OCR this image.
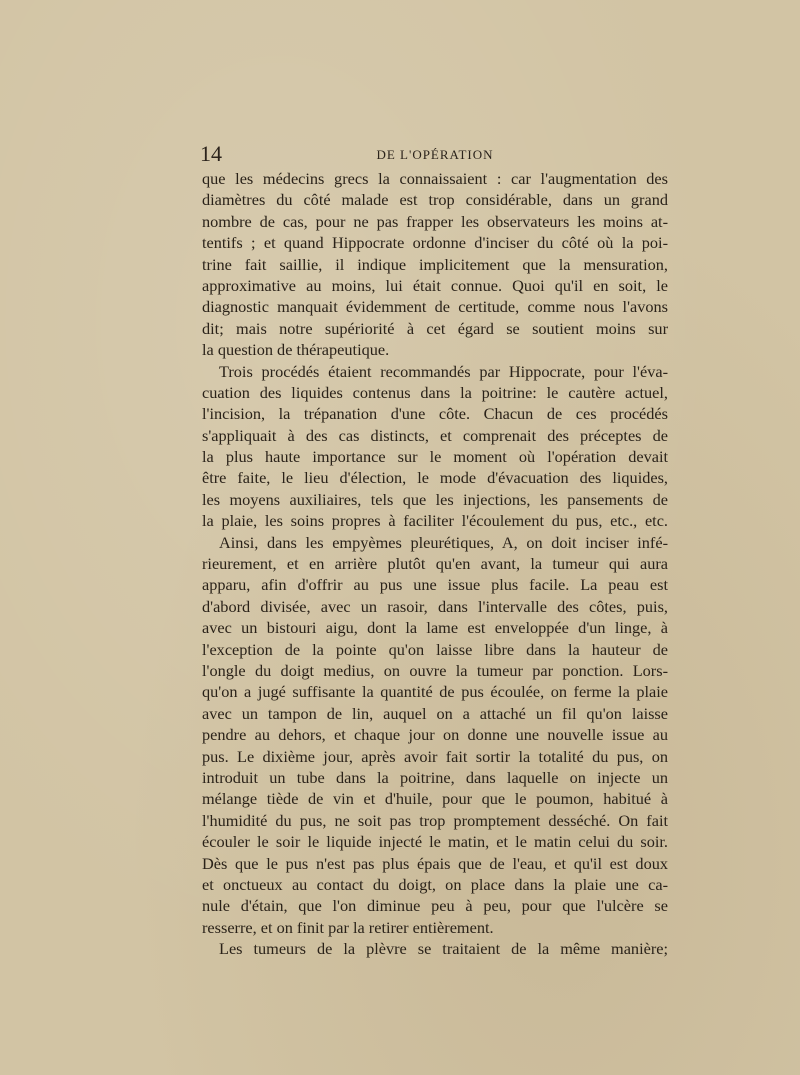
14	DE L'OPÉRATION
que les médecins grecs la connaissaient : car l'augmentation des
diamètres du côté malade est trop considérable, dans un grand
nombre de cas, pour ne pas frapper les observateurs les moins at-
tentifs ; et quand Hippocrate ordonne d'inciser du côté où la poi-
trine fait saillie, il indique implicitement que la mensuration,
approximative au moins, lui était connue. Quoi qu'il en soit, le
diagnostic manquait évidemment de certitude, comme nous l'avons
dit; mais notre supériorité à cet égard se soutient moins sur
la question de thérapeutique.
Trois procédés étaient recommandés par Hippocrate, pour l'éva-
cuation des liquides contenus dans la poitrine: le cautère actuel,
l'incision, la trépanation d'une côte. Chacun de ces procédés
s'appliquait à des cas distincts, et comprenait des préceptes de
la plus haute importance sur le moment où l'opération devait
être faite, le lieu d'élection, le mode d'évacuation des liquides,
les moyens auxiliaires, tels que les injections, les pansements de
la plaie, les soins propres à faciliter l'écoulement du pus, etc., etc.
Ainsi, dans les empyèmes pleurétiques, A, on doit inciser infé-
rieurement, et en arrière plutôt qu'en avant, la tumeur qui aura
apparu, afin d'offrir au pus une issue plus facile. La peau est
d'abord divisée, avec un rasoir, dans l'intervalle des côtes, puis,
avec un bistouri aigu, dont la lame est enveloppée d'un linge, à
l'exception de la pointe qu'on laisse libre dans la hauteur de
l'ongle du doigt medius, on ouvre la tumeur par ponction. Lors-
qu'on a jugé suffisante la quantité de pus écoulée, on ferme la plaie
avec un tampon de lin, auquel on a attaché un fil qu'on laisse
pendre au dehors, et chaque jour on donne une nouvelle issue au
pus. Le dixième jour, après avoir fait sortir la totalité du pus, on
introduit un tube dans la poitrine, dans laquelle on injecte un
mélange tiède de vin et d'huile, pour que le poumon, habitué à
l'humidité du pus, ne soit pas trop promptement desséché. On fait
écouler le soir le liquide injecté le matin, et le matin celui du soir.
Dès que le pus n'est pas plus épais que de l'eau, et qu'il est doux
et onctueux au contact du doigt, on place dans la plaie une ca-
nule d'étain, que l'on diminue peu à peu, pour que l'ulcère se
resserre, et on finit par la retirer entièrement.
Les tumeurs de la plèvre se traitaient de la même manière;
